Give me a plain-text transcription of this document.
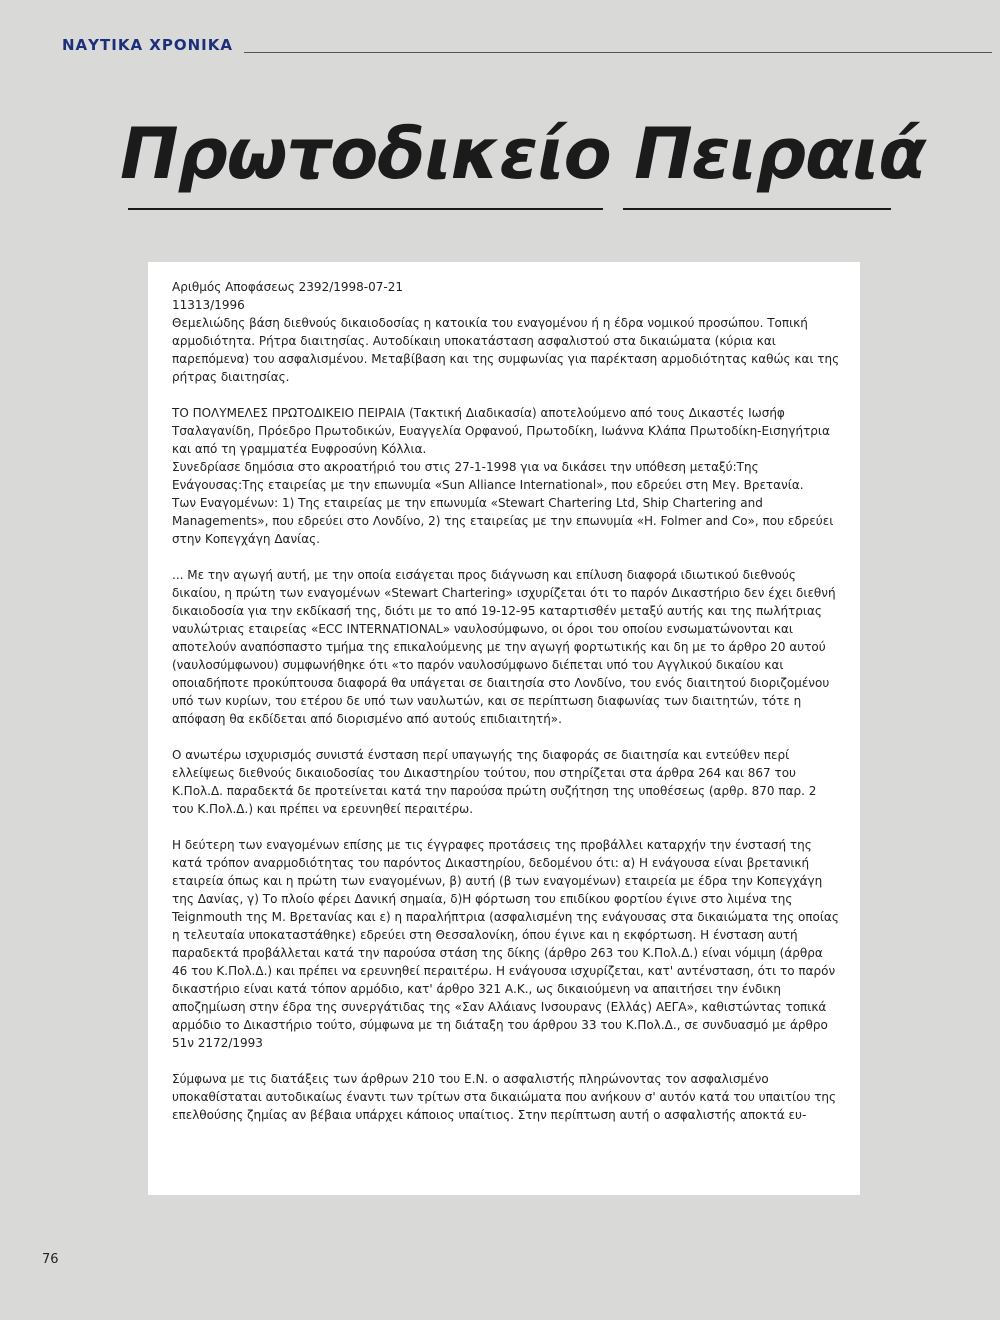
ΝΑΥΤΙΚΑ ΧΡΟΝΙΚΑ
Πρωτοδικείο Πειραιά

Αριθμός Αποφάσεως 2392/1998-07-21

11313/1996

Θεμελιώδης βάση διεθνούς δικαιοδοσίας η κατοικία του εναγομένου ή η έδρα νομικού προσώπου. Τοπική αρμοδιότητα. Ρήτρα διαιτησίας. Αυτοδίκαιη υποκατάσταση ασφαλιστού στα δικαιώματα (κύρια και παρεπόμενα) του ασφαλισμένου. Μεταβίβαση και της συμφωνίας για παρέκταση αρμοδιότητας καθώς και της ρήτρας διαιτησίας.

ΤΟ ΠΟΛΥΜΕΛΕΣ ΠΡΩΤΟΔΙΚΕΙΟ ΠΕΙΡΑΙΑ (Τακτική Διαδικασία) αποτελούμενο από τους Δικαστές Ιωσήφ Τσαλαγανίδη, Πρόεδρο Πρωτοδικών, Ευαγγελία Ορφανού, Πρωτοδίκη, Ιωάννα Κλάπα Πρωτοδίκη-Εισηγήτρια και από τη γραμματέα Ευφροσύνη Κόλλια.

Συνεδρίασε δημόσια στο ακροατήριό του στις 27-1-1998 για να δικάσει την υπόθεση μεταξύ:Της Ενάγουσας:Της εταιρείας με την επωνυμία «Sun Alliance International», που εδρεύει στη Μεγ. Βρετανία.

Των Εναγομένων: 1) Της εταιρείας με την επωνυμία «Stewart Chartering Ltd, Ship Chartering and Managements», που εδρεύει στο Λονδίνο, 2) της εταιρείας με την επωνυμία «H. Folmer and Co», που εδρεύει στην Κοπεγχάγη Δανίας.

... Με την αγωγή αυτή, με την οποία εισάγεται προς διάγνωση και επίλυση διαφορά ιδιωτικού διεθνούς δικαίου, η πρώτη των εναγομένων «Stewart Chartering» ισχυρίζεται ότι το παρόν Δικαστήριο δεν έχει διεθνή δικαιοδοσία για την εκδίκασή της, διότι με το από 19-12-95 καταρτισθέν μεταξύ αυτής και της πωλήτριας ναυλώτριας εταιρείας «ECC INTERNATIONAL» ναυλοσύμφωνο, οι όροι του οποίου ενσωματώνονται και αποτελούν αναπόσπαστο τμήμα της επικαλούμενης με την αγωγή φορτωτικής και δη με το άρθρο 20 αυτού (ναυλοσύμφωνου) συμφωνήθηκε ότι «το παρόν ναυλοσύμφωνο διέπεται υπό του Αγγλικού δικαίου και οποιαδήποτε προκύπτουσα διαφορά θα υπάγεται σε διαιτησία στο Λονδίνο, του ενός διαιτητού διοριζομένου υπό των κυρίων, του ετέρου δε υπό των ναυλωτών, και σε περίπτωση διαφωνίας των διαιτητών, τότε η απόφαση θα εκδίδεται από διορισμένο από αυτούς επιδιαιτητή».

Ο ανωτέρω ισχυρισμός συνιστά ένσταση περί υπαγωγής της διαφοράς σε διαιτησία και εντεύθεν περί ελλείψεως διεθνούς δικαιοδοσίας του Δικαστηρίου τούτου, που στηρίζεται στα άρθρα 264 και 867 του Κ.Πολ.Δ. παραδεκτά δε προτείνεται κατά την παρούσα πρώτη συζήτηση της υποθέσεως (αρθρ. 870 παρ. 2 του Κ.Πολ.Δ.) και πρέπει να ερευνηθεί περαιτέρω.

Η δεύτερη των εναγομένων επίσης με τις έγγραφες προτάσεις της προβάλλει καταρχήν την ένστασή της κατά τρόπον αναρμοδιότητας του παρόντος Δικαστηρίου, δεδομένου ότι: α) Η ενάγουσα είναι βρετανική εταιρεία όπως και η πρώτη των εναγομένων, β) αυτή (β των εναγομένων) εταιρεία με έδρα την Κοπεγχάγη της Δανίας, γ) Το πλοίο φέρει Δανική σημαία, δ)Η φόρτωση του επιδίκου φορτίου έγινε στο λιμένα της Teignmouth της Μ. Βρετανίας και ε) η παραλήπτρια (ασφαλισμένη της ενάγουσας στα δικαιώματα της οποίας η τελευταία υποκαταστάθηκε) εδρεύει στη Θεσσαλονίκη, όπου έγινε και η εκφόρτωση. Η ένσταση αυτή παραδεκτά προβάλλεται κατά την παρούσα στάση της δίκης (άρθρο 263 του Κ.Πολ.Δ.) είναι νόμιμη (άρθρα 46 του Κ.Πολ.Δ.) και πρέπει να ερευνηθεί περαιτέρω. Η ενάγουσα ισχυρίζεται, κατ' αντένσταση, ότι το παρόν δικαστήριο είναι κατά τόπον αρμόδιο, κατ' άρθρο 321 Α.Κ., ως δικαιούμενη να απαιτήσει την ένδικη αποζημίωση στην έδρα της συνεργάτιδας της «Σαν Αλάιανς Ινσουρανς (Ελλάς) ΑΕΓΑ», καθιστώντας τοπικά αρμόδιο το Δικαστήριο τούτο, σύμφωνα με τη διάταξη του άρθρου 33 του Κ.Πολ.Δ., σε συνδυασμό με άρθρο 51ν 2172/1993

Σύμφωνα με τις διατάξεις των άρθρων 210 του Ε.Ν. ο ασφαλιστής πληρώνοντας τον ασφαλισμένο υποκαθίσταται αυτοδικαίως έναντι των τρίτων στα δικαιώματα που ανήκουν σ' αυτόν κατά του υπαιτίου της επελθούσης ζημίας αν βέβαια υπάρχει κάποιος υπαίτιος. Στην περίπτωση αυτή ο ασφαλιστής αποκτά ευ-

76
